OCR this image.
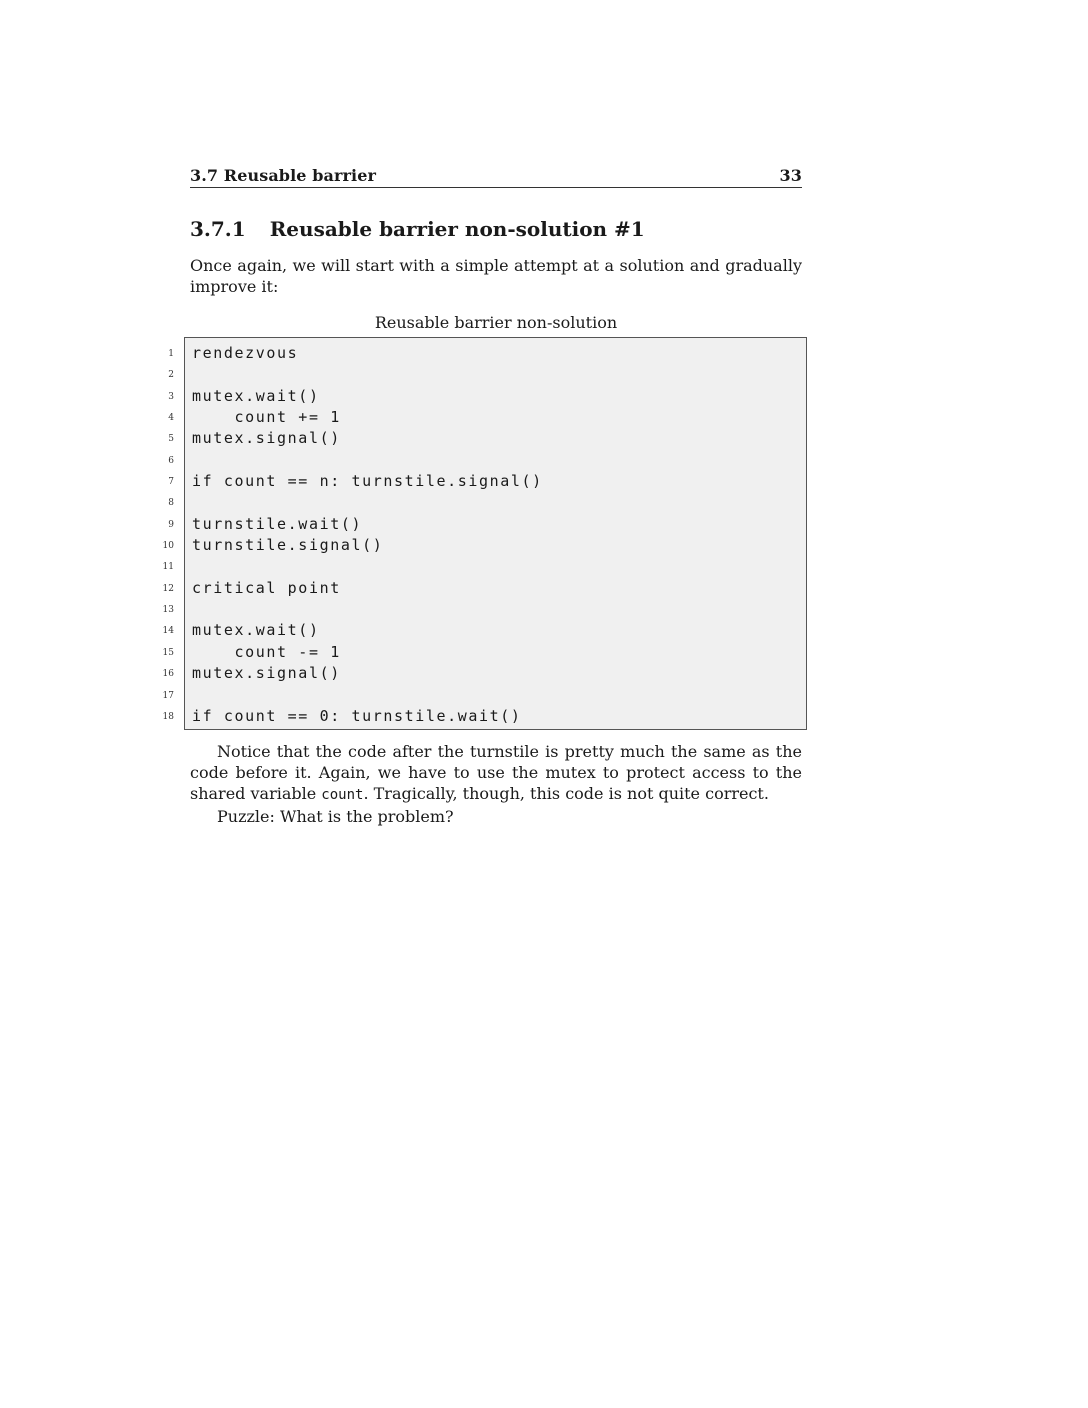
3.7 Reusable barrier	33
3.7.1 Reusable barrier non-solution #1
Once again, we will start with a simple attempt at a solution and gradually improve it:
Reusable barrier non-solution
1
2
3
4
5
6
7
8
9
10
11
12
13
14
15
16
17
18
rendezvous
mutex.wait()
count += 1
mutex.signal()
if count == n: turnstile.signal()
turnstile.wait()
turnstile.signal()
critical point
mutex.wait()
count -= 1
mutex.signal()
if count == 0: turnstile.wait()

Notice that the code after the turnstile is pretty much the same as the code before it. Again, we have to use the mutex to protect access to the shared variable count. Tragically, though, this code is not quite correct.

Puzzle: What is the problem?
